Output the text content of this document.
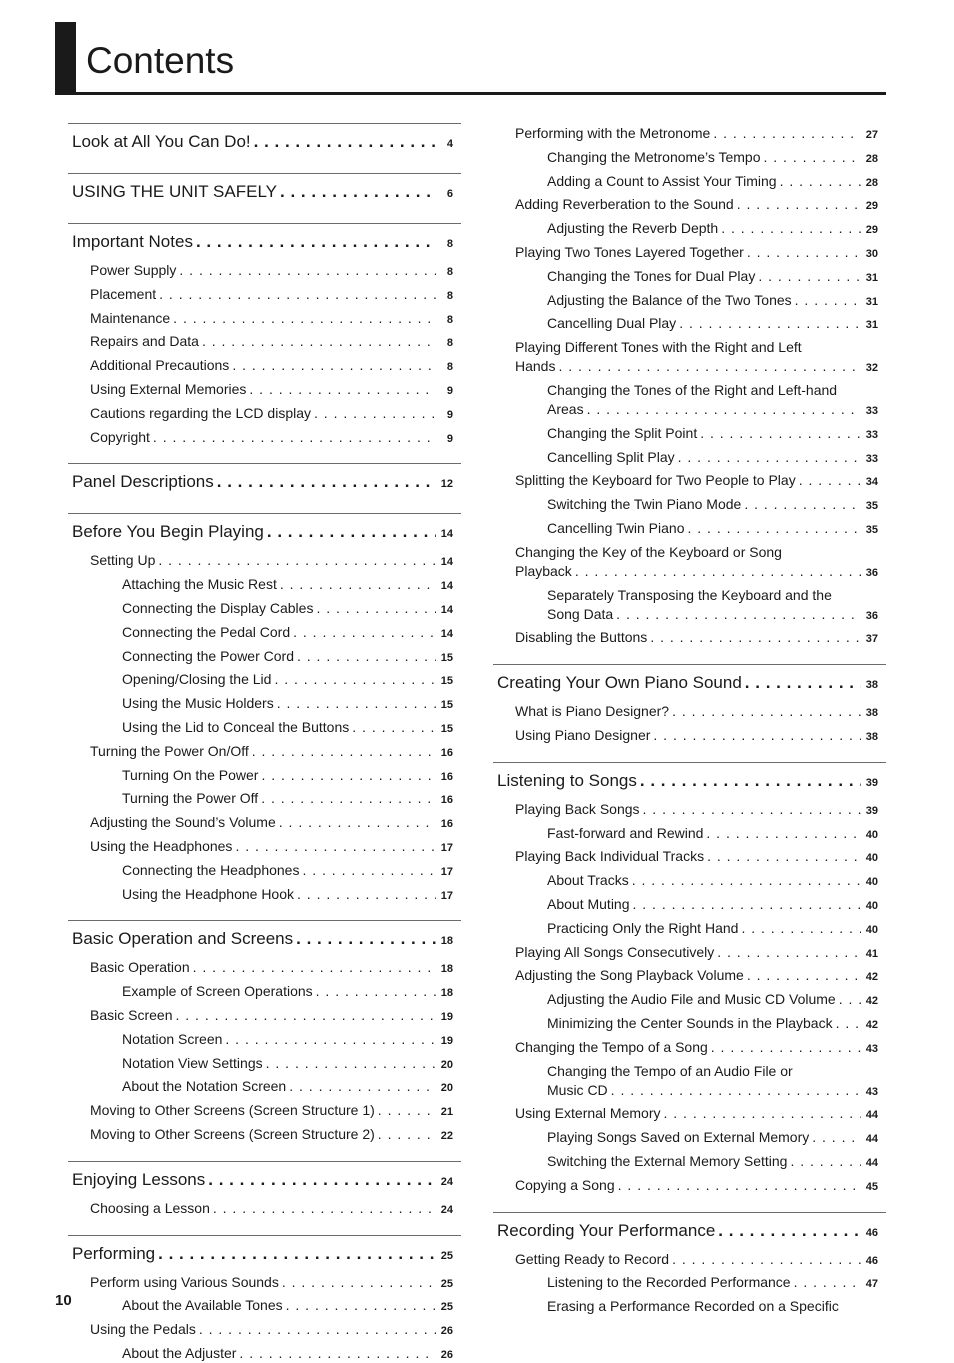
Contents
Look at All You Can Do! . . .	4
USING THE UNIT SAFELY . . .	6
Important Notes . . .	8
Power Supply . . .	8
Placement . . .	8
Maintenance . . .	8
Repairs and Data . . .	8
Additional Precautions . . .	8
Using External Memories . . .	9
Cautions regarding the LCD display . . .	9
Copyright . . .	9
Panel Descriptions . . .	12
Before You Begin Playing . . .	14
Setting Up . . .	14
Attaching the Music Rest . . .	14
Connecting the Display Cables . . .	14
Connecting the Pedal Cord . . .	14
Connecting the Power Cord . . .	15
Opening/Closing the Lid . . .	15
Using the Music Holders . . .	15
Using the Lid to Conceal the Buttons . . .	15
Turning the Power On/Off . . .	16
Turning On the Power . . .	16
Turning the Power Off . . .	16
Adjusting the Sound’s Volume . . .	16
Using the Headphones . . .	17
Connecting the Headphones . . .	17
Using the Headphone Hook . . .	17
Basic Operation and Screens . . .	18
Basic Operation . . .	18
Example of Screen Operations . . .	18
Basic Screen . . .	19
Notation Screen . . .	19
Notation View Settings . . .	20
About the Notation Screen . . .	20
Moving to Other Screens (Screen Structure 1) . . .	21
Moving to Other Screens (Screen Structure 2) . . .	22
Enjoying Lessons . . .	24
Choosing a Lesson . . .	24
Performing . . .	25
Perform using Various Sounds . . .	25
About the Available Tones . . .	25
Using the Pedals . . .	26
About the Adjuster . . .	26
Performing with the Metronome . . .	27
Changing the Metronome’s Tempo . . .	28
Adding a Count to Assist Your Timing . . .	28
Adding Reverberation to the Sound . . .	29
Adjusting the Reverb Depth . . .	29
Playing Two Tones Layered Together . . .	30
Changing the Tones for Dual Play . . .	31
Adjusting the Balance of the Two Tones . . .	31
Cancelling Dual Play . . .	31
Playing Different Tones with the Right and Left
Hands . . .	32
Changing the Tones of the Right and Left-hand
Areas . . .	33
Changing the Split Point . . .	33
Cancelling Split Play . . .	33
Splitting the Keyboard for Two People to Play . . .	34
Switching the Twin Piano Mode . . .	35
Cancelling Twin Piano . . .	35
Changing the Key of the Keyboard or Song
Playback . . .	36
Separately Transposing the Keyboard and the
Song Data . . .	36
Disabling the Buttons . . .	37
Creating Your Own Piano Sound . . .	38
What is Piano Designer? . . .	38
Using Piano Designer . . .	38
Listening to Songs . . .	39
Playing Back Songs . . .	39
Fast-forward and Rewind . . .	40
Playing Back Individual Tracks . . .	40
About Tracks . . .	40
About Muting . . .	40
Practicing Only the Right Hand . . .	40
Playing All Songs Consecutively . . .	41
Adjusting the Song Playback Volume . . .	42
Adjusting the Audio File and Music CD Volume . . .	42
Minimizing the Center Sounds in the Playback . . .	42
Changing the Tempo of a Song . . .	43
Changing the Tempo of an Audio File or
Music CD . . .	43
Using External Memory . . .	44
Playing Songs Saved on External Memory . . .	44
Switching the External Memory Setting . . .	44
Copying a Song . . .	45
Recording Your Performance . . .	46
Getting Ready to Record . . .	46
Listening to the Recorded Performance . . .	47
Erasing a Performance Recorded on a Specific
10
